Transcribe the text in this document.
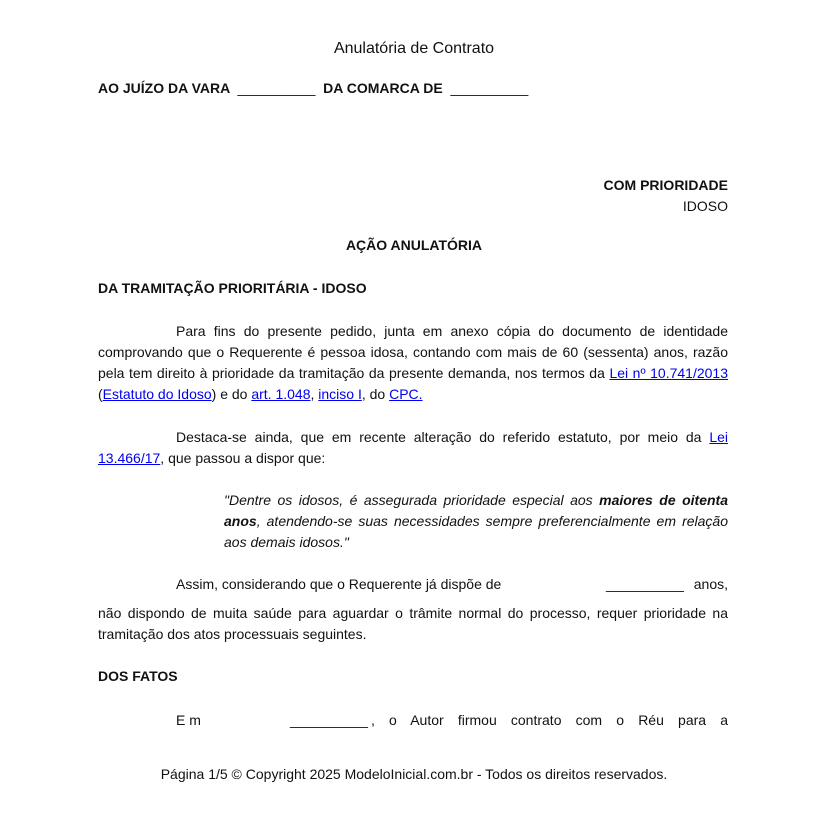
Anulatória de Contrato
AO JUÍZO DA VARA __________ DA COMARCA DE __________
COM PRIORIDADE
IDOSO
AÇÃO ANULATÓRIA
DA TRAMITAÇÃO PRIORITÁRIA - IDOSO
Para fins do presente pedido, junta em anexo cópia do documento de identidade comprovando que o Requerente é pessoa idosa, contando com mais de 60 (sessenta) anos, razão pela tem direito à prioridade da tramitação da presente demanda, nos termos da Lei nº 10.741/2013 (Estatuto do Idoso) e do art. 1.048, inciso I, do CPC.
Destaca-se ainda, que em recente alteração do referido estatuto, por meio da Lei 13.466/17, que passou a dispor que:
"Dentre os idosos, é assegurada prioridade especial aos maiores de oitenta anos, atendendo-se suas necessidades sempre preferencialmente em relação aos demais idosos."
Assim, considerando que o Requerente já dispõe de	__________ anos,
não dispondo de muita saúde para aguardar o trâmite normal do processo, requer prioridade na tramitação dos atos processuais seguintes.
DOS FATOS
E m	__________ , o Autor firmou contrato com o Réu para a
Página 1/5 © Copyright 2025 ModeloInicial.com.br - Todos os direitos reservados.
